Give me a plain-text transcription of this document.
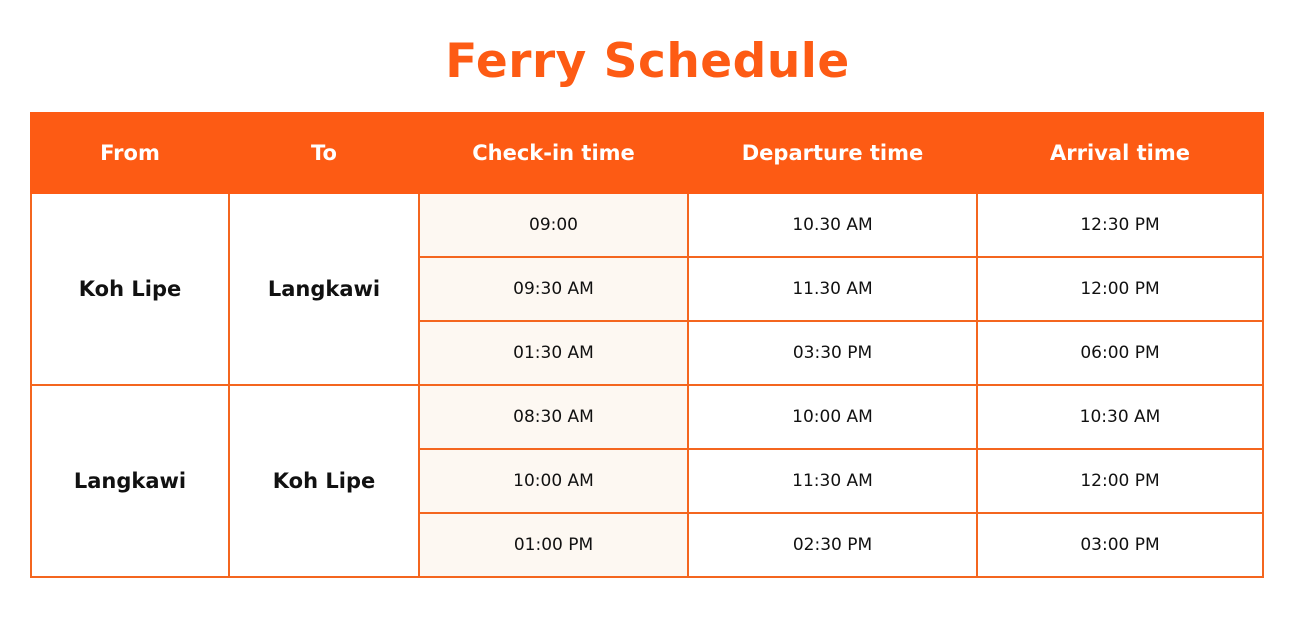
Ferry Schedule
From	To	Check-in time	Departure time	Arrival time
Koh Lipe	Langkawi	09:00	10.30 AM	12:30 PM
		09:30 AM	11.30 AM	12:00 PM
		01:30 AM	03:30 PM	06:00 PM
Langkawi	Koh Lipe	08:30 AM	10:00 AM	10:30 AM
		10:00 AM	11:30 AM	12:00 PM
		01:00 PM	02:30 PM	03:00 PM
